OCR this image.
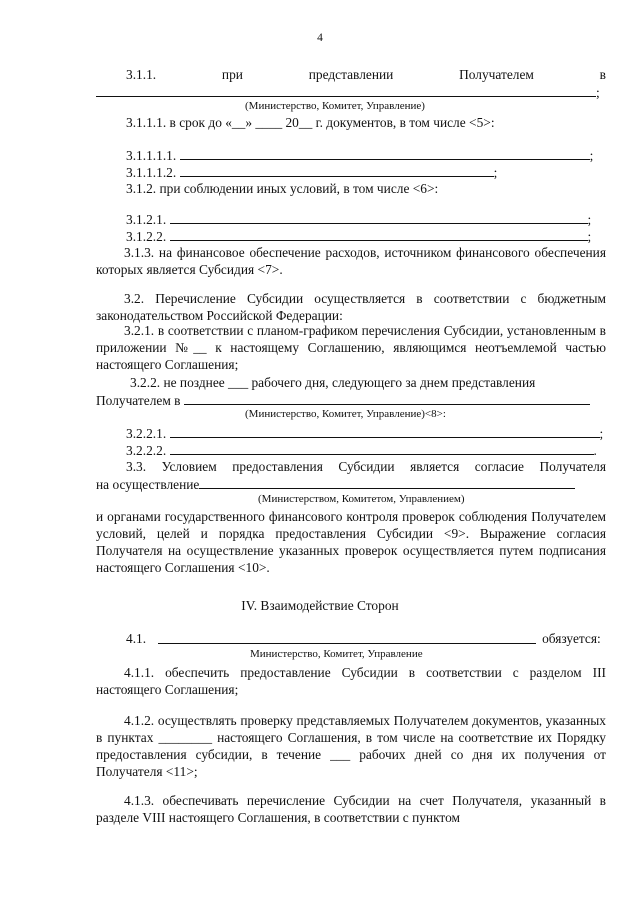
4
3.1.1.	при	представлении	Получателем	в
;
(Министерство, Комитет, Управление)
3.1.1.1. в срок до «__» ____ 20__ г. документов, в том числе <5>:
3.1.1.1.1.	;
3.1.1.1.2.	;
3.1.2. при соблюдении иных условий, в том числе <6>:
3.1.2.1.	;
3.1.2.2.	;
3.1.3. на финансовое обеспечение расходов, источником финансового обеспечения которых является Субсидия <7>.
3.2. Перечисление Субсидии осуществляется в соответствии с бюджетным законодательством Российской Федерации:
3.2.1. в соответствии с планом-графиком перечисления Субсидии, установленным в приложении №__ к настоящему Соглашению, являющимся неотъемлемой частью настоящего Соглашения;
3.2.2. не позднее ___ рабочего дня, следующего за днем представления
Получателем в
(Министерство, Комитет, Управление)<8>:
3.2.2.1.	;
3.2.2.2.	.
3.3. Условием предоставления Субсидии является согласие Получателя
на осуществление
(Министерством, Комитетом, Управлением)
и органами государственного финансового контроля проверок соблюдения Получателем условий, целей и порядка предоставления Субсидии <9>. Выражение согласия Получателя на осуществление указанных проверок осуществляется путем подписания настоящего Соглашения <10>.
IV. Взаимодействие Сторон
4.1.	обязуется:
Министерство, Комитет, Управление
4.1.1. обеспечить предоставление Субсидии в соответствии с разделом III настоящего Соглашения;
4.1.2. осуществлять проверку представляемых Получателем документов, указанных в пунктах ________ настоящего Соглашения, в том числе на соответствие их Порядку предоставления субсидии, в течение ___ рабочих дней со дня их получения от Получателя <11>;
4.1.3. обеспечивать перечисление Субсидии на счет Получателя, указанный в разделе VIII настоящего Соглашения, в соответствии с пунктом
